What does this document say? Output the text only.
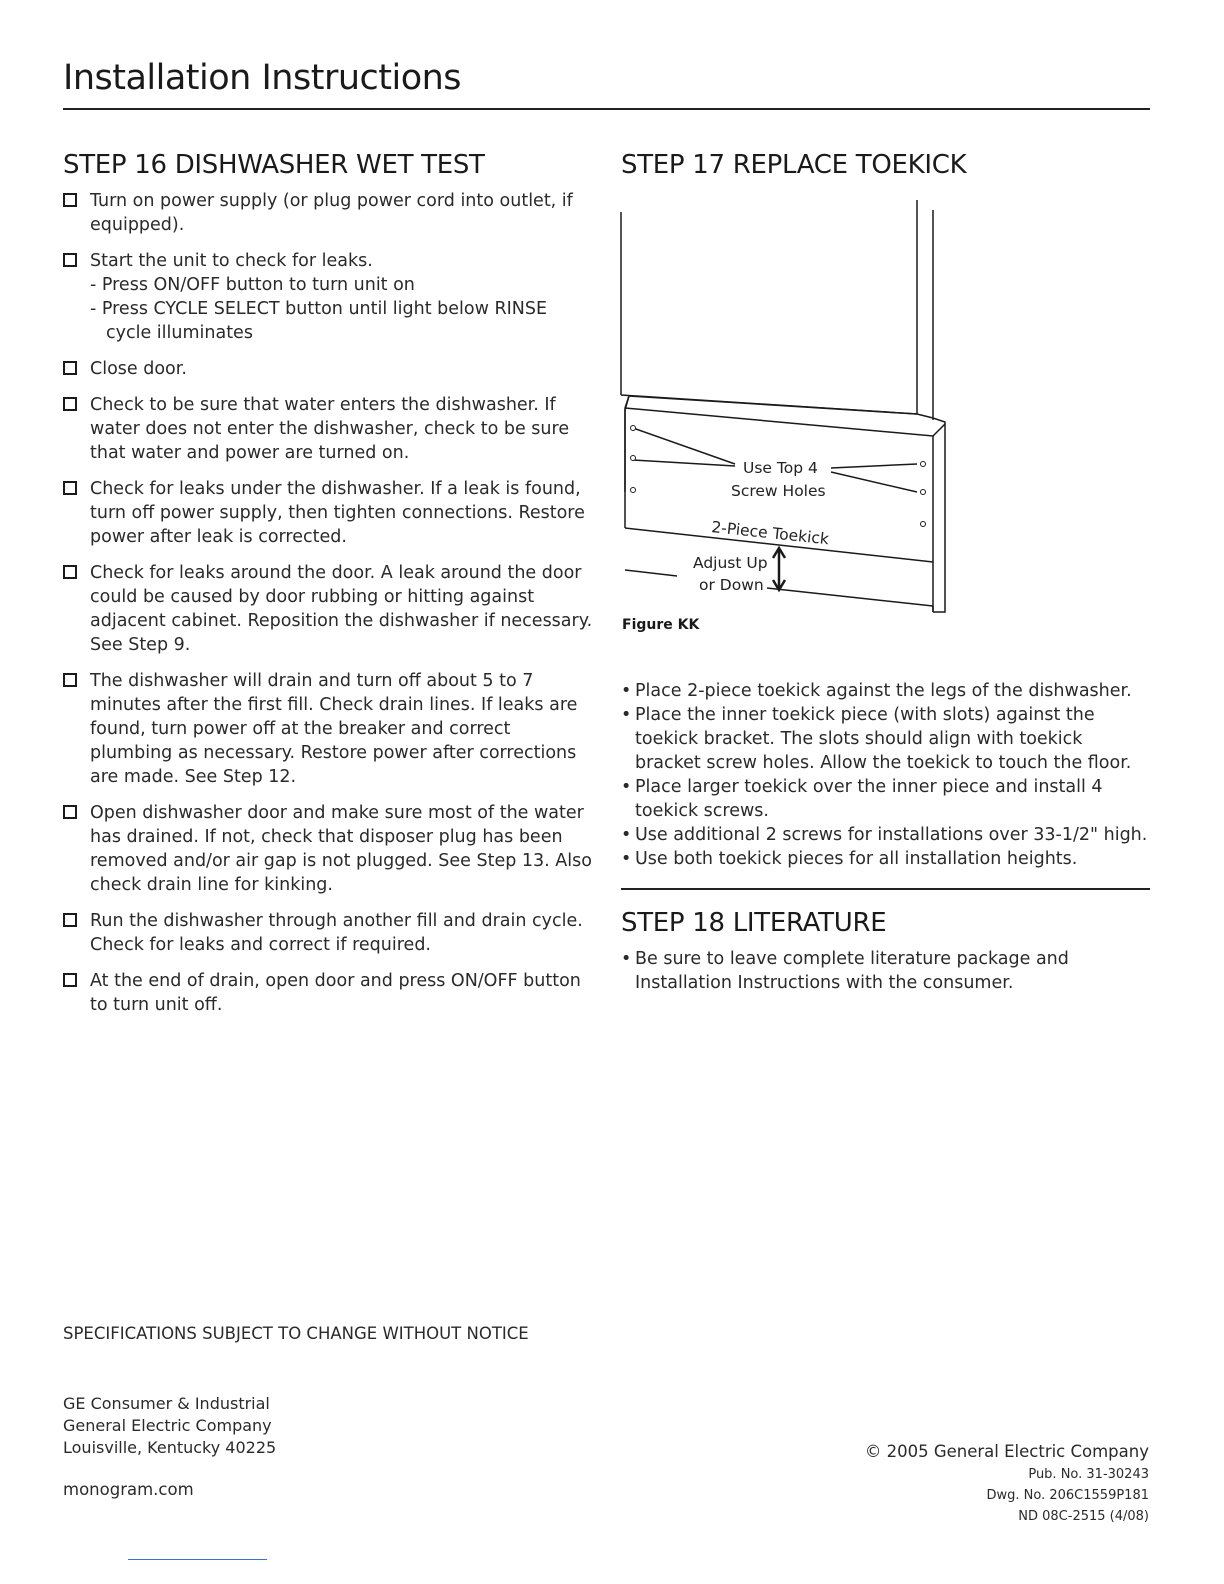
Installation Instructions
STEP 16 DISHWASHER WET TEST
Turn on power supply (or plug power cord into outlet, if equipped).
Start the unit to check for leaks.
- Press ON/OFF button to turn unit on
- Press CYCLE SELECT button until light below RINSE cycle illuminates
Close door.
Check to be sure that water enters the dishwasher. If water does not enter the dishwasher, check to be sure that water and power are turned on.
Check for leaks under the dishwasher. If a leak is found, turn off power supply, then tighten connections. Restore power after leak is corrected.
Check for leaks around the door. A leak around the door could be caused by door rubbing or hitting against adjacent cabinet. Reposition the dishwasher if necessary. See Step 9.
The dishwasher will drain and turn off about 5 to 7 minutes after the first fill. Check drain lines. If leaks are found, turn power off at the breaker and correct plumbing as necessary. Restore power after corrections are made. See Step 12.
Open dishwasher door and make sure most of the water has drained. If not, check that disposer plug has been removed and/or air gap is not plugged. See Step 13. Also check drain line for kinking.
Run the dishwasher through another fill and drain cycle. Check for leaks and correct if required.
At the end of drain, open door and press ON/OFF button to turn unit off.
STEP 17 REPLACE TOEKICK
Use Top 4
Screw Holes
2-Piece Toekick
Adjust Up
or Down
Figure KK
• Place 2-piece toekick against the legs of the dishwasher.
• Place the inner toekick piece (with slots) against the toekick bracket. The slots should align with toekick bracket screw holes. Allow the toekick to touch the floor.
• Place larger toekick over the inner piece and install 4 toekick screws.
• Use additional 2 screws for installations over 33-1/2" high.
• Use both toekick pieces for all installation heights.
STEP 18 LITERATURE
• Be sure to leave complete literature package and Installation Instructions with the consumer.
SPECIFICATIONS SUBJECT TO CHANGE WITHOUT NOTICE
GE Consumer & Industrial
General Electric Company
Louisville, Kentucky 40225
monogram.com
© 2005 General Electric Company
Pub. No. 31-30243
Dwg. No. 206C1559P181
ND 08C-2515 (4/08)
